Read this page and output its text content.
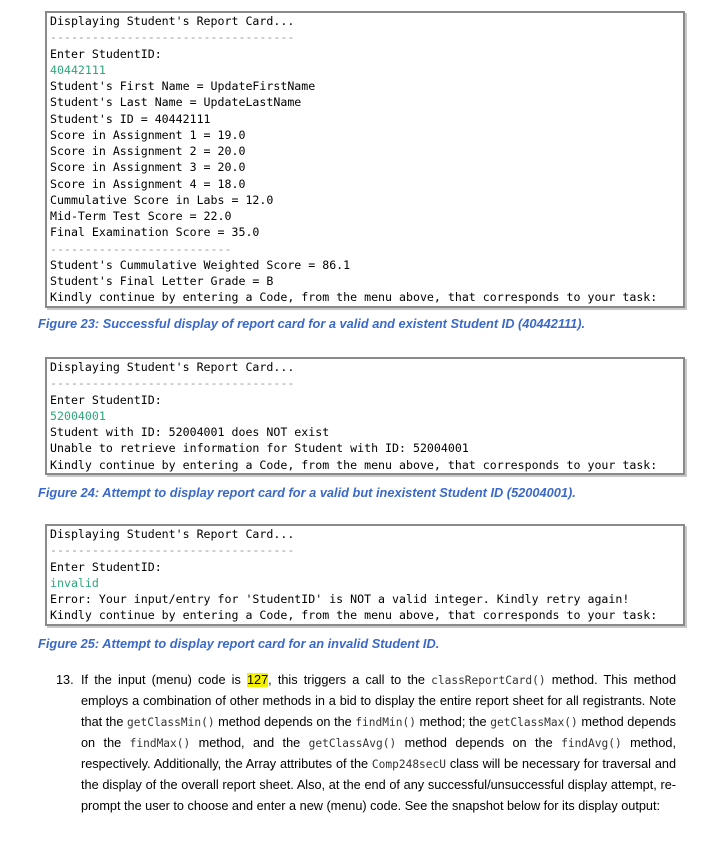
Displaying Student's Report Card...
-----------------------------------
Enter StudentID:
40442111
Student's First Name = UpdateFirstName
Student's Last Name = UpdateLastName
Student's ID = 40442111
Score in Assignment 1 = 19.0
Score in Assignment 2 = 20.0
Score in Assignment 3 = 20.0
Score in Assignment 4 = 18.0
Cummulative Score in Labs = 12.0
Mid-Term Test Score = 22.0
Final Examination Score = 35.0
--------------------------
Student's Cummulative Weighted Score = 86.1
Student's Final Letter Grade = B
Kindly continue by entering a Code, from the menu above, that corresponds to your task:
Figure 23: Successful display of report card for a valid and existent Student ID (40442111).
Displaying Student's Report Card...
-----------------------------------
Enter StudentID:
52004001
Student with ID: 52004001 does NOT exist
Unable to retrieve information for Student with ID: 52004001
Kindly continue by entering a Code, from the menu above, that corresponds to your task:
Figure 24: Attempt to display report card for a valid but inexistent Student ID (52004001).
Displaying Student's Report Card...
-----------------------------------
Enter StudentID:
invalid
Error: Your input/entry for 'StudentID' is NOT a valid integer. Kindly retry again!
Kindly continue by entering a Code, from the menu above, that corresponds to your task:
Figure 25: Attempt to display report card for an invalid Student ID.
13. If the input (menu) code is 127, this triggers a call to the classReportCard() method. This method employs a combination of other methods in a bid to display the entire report sheet for all registrants. Note that the getClassMin() method depends on the findMin() method; the getClassMax() method depends on the findMax() method, and the getClassAvg() method depends on the findAvg() method, respectively. Additionally, the Array attributes of the Comp248secU class will be necessary for traversal and the display of the overall report sheet. Also, at the end of any successful/unsuccessful display attempt, re-prompt the user to choose and enter a new (menu) code. See the snapshot below for its display output:
